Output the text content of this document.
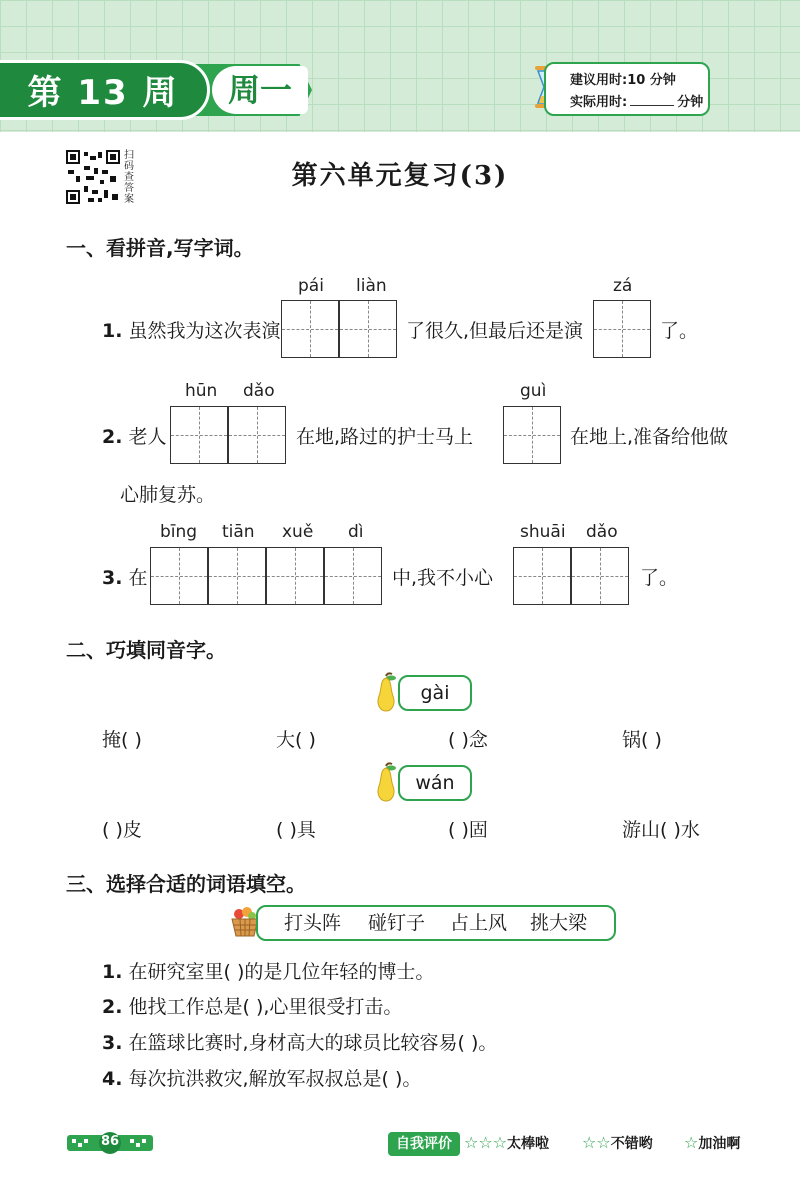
第 13 周	周一	建议用时:10 分钟
实际用时:	分钟
扫码查答案
第六单元复习(3)
一、看拼音,写字词。
pái liàn
1. 虽然我为这次表演	了很久,但最后还是演
zá
了。
hūn dǎo
2. 老人	在地,路过的护士马上
guì
在地上,准备给他做
心肺复苏。
bīng tiān xuě dì
3. 在	中,我不小心
shuāi dǎo
了。
二、巧填同音字。
gài
掩( )	大( )	( )念	锅( )
wán
( )皮	( )具	( )固	游山( )水
三、选择合适的词语填空。
打头阵 碰钉子 占上风 挑大梁
1. 在研究室里( )的是几位年轻的博士。
2. 他找工作总是( ),心里很受打击。
3. 在篮球比赛时,身材高大的球员比较容易( )。
4. 每次抗洪救灾,解放军叔叔总是( )。
86	自我评价 ☆☆☆太棒啦 ☆☆不错哟 ☆加油啊
